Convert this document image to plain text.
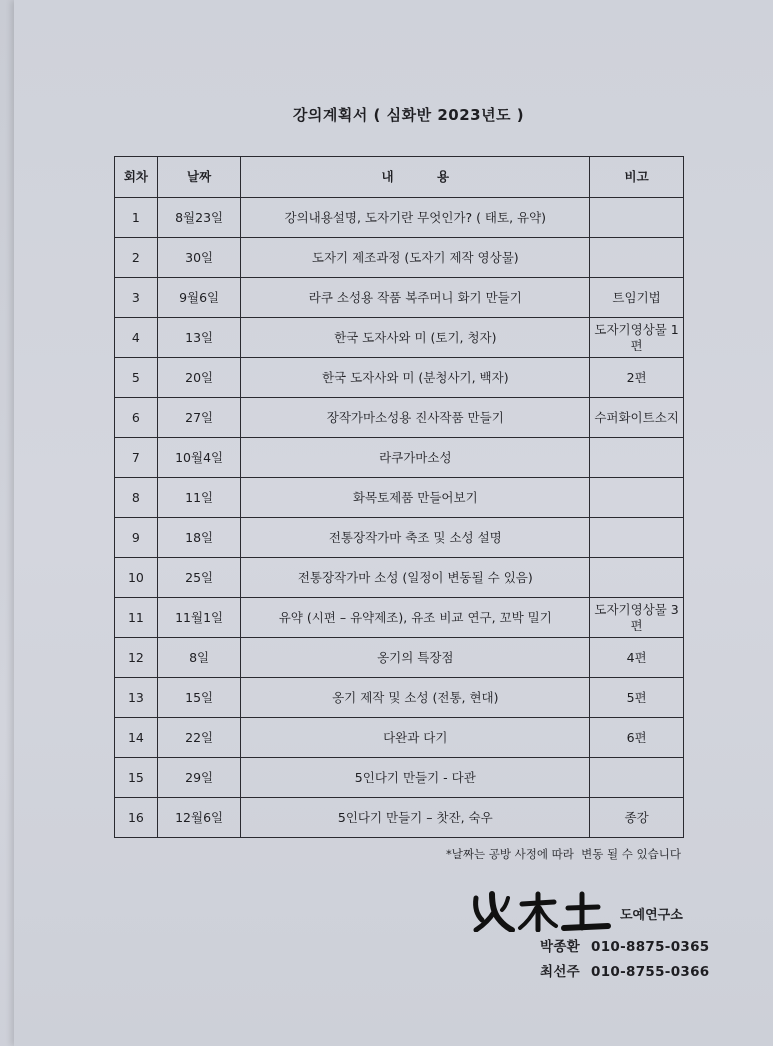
강의계획서 ( 심화반 2023년도 )
회차	날짜	내          용	비고
1	8월23일	강의내용설명, 도자기란 무엇인가? ( 태토, 유약)	
2	30일	도자기 제조과정 (도자기 제작 영상물)	
3	9월6일	라쿠 소성용 작품 복주머니 화기 만들기	트임기법
4	13일	한국 도자사와 미 (토기, 청자)	도자기영상물 1편
5	20일	한국 도자사와 미 (분청사기, 백자)	2편
6	27일	장작가마소성용 진사작품 만들기	수퍼화이트소지
7	10월4일	라쿠가마소성	
8	11일	화목토제품 만들어보기	
9	18일	전통장작가마 축조 및 소성 설명	
10	25일	전통장작가마 소성 (일정이 변동될 수 있음)	
11	11월1일	유약 (시편 – 유약제조), 유조 비교 연구, 꼬박 밀기	도자기영상물 3편
12	8일	옹기의 특장점	4편
13	15일	옹기 제작 및 소성 (전통, 현대)	5편
14	22일	다완과 다기	6편
15	29일	5인다기 만들기 - 다관	
16	12월6일	5인다기 만들기 – 찻잔, 숙우	종강
*날짜는 공방 사정에 따라  변동 될 수 있습니다
도예연구소
박종환 010-8875-0365
최선주 010-8755-0366
